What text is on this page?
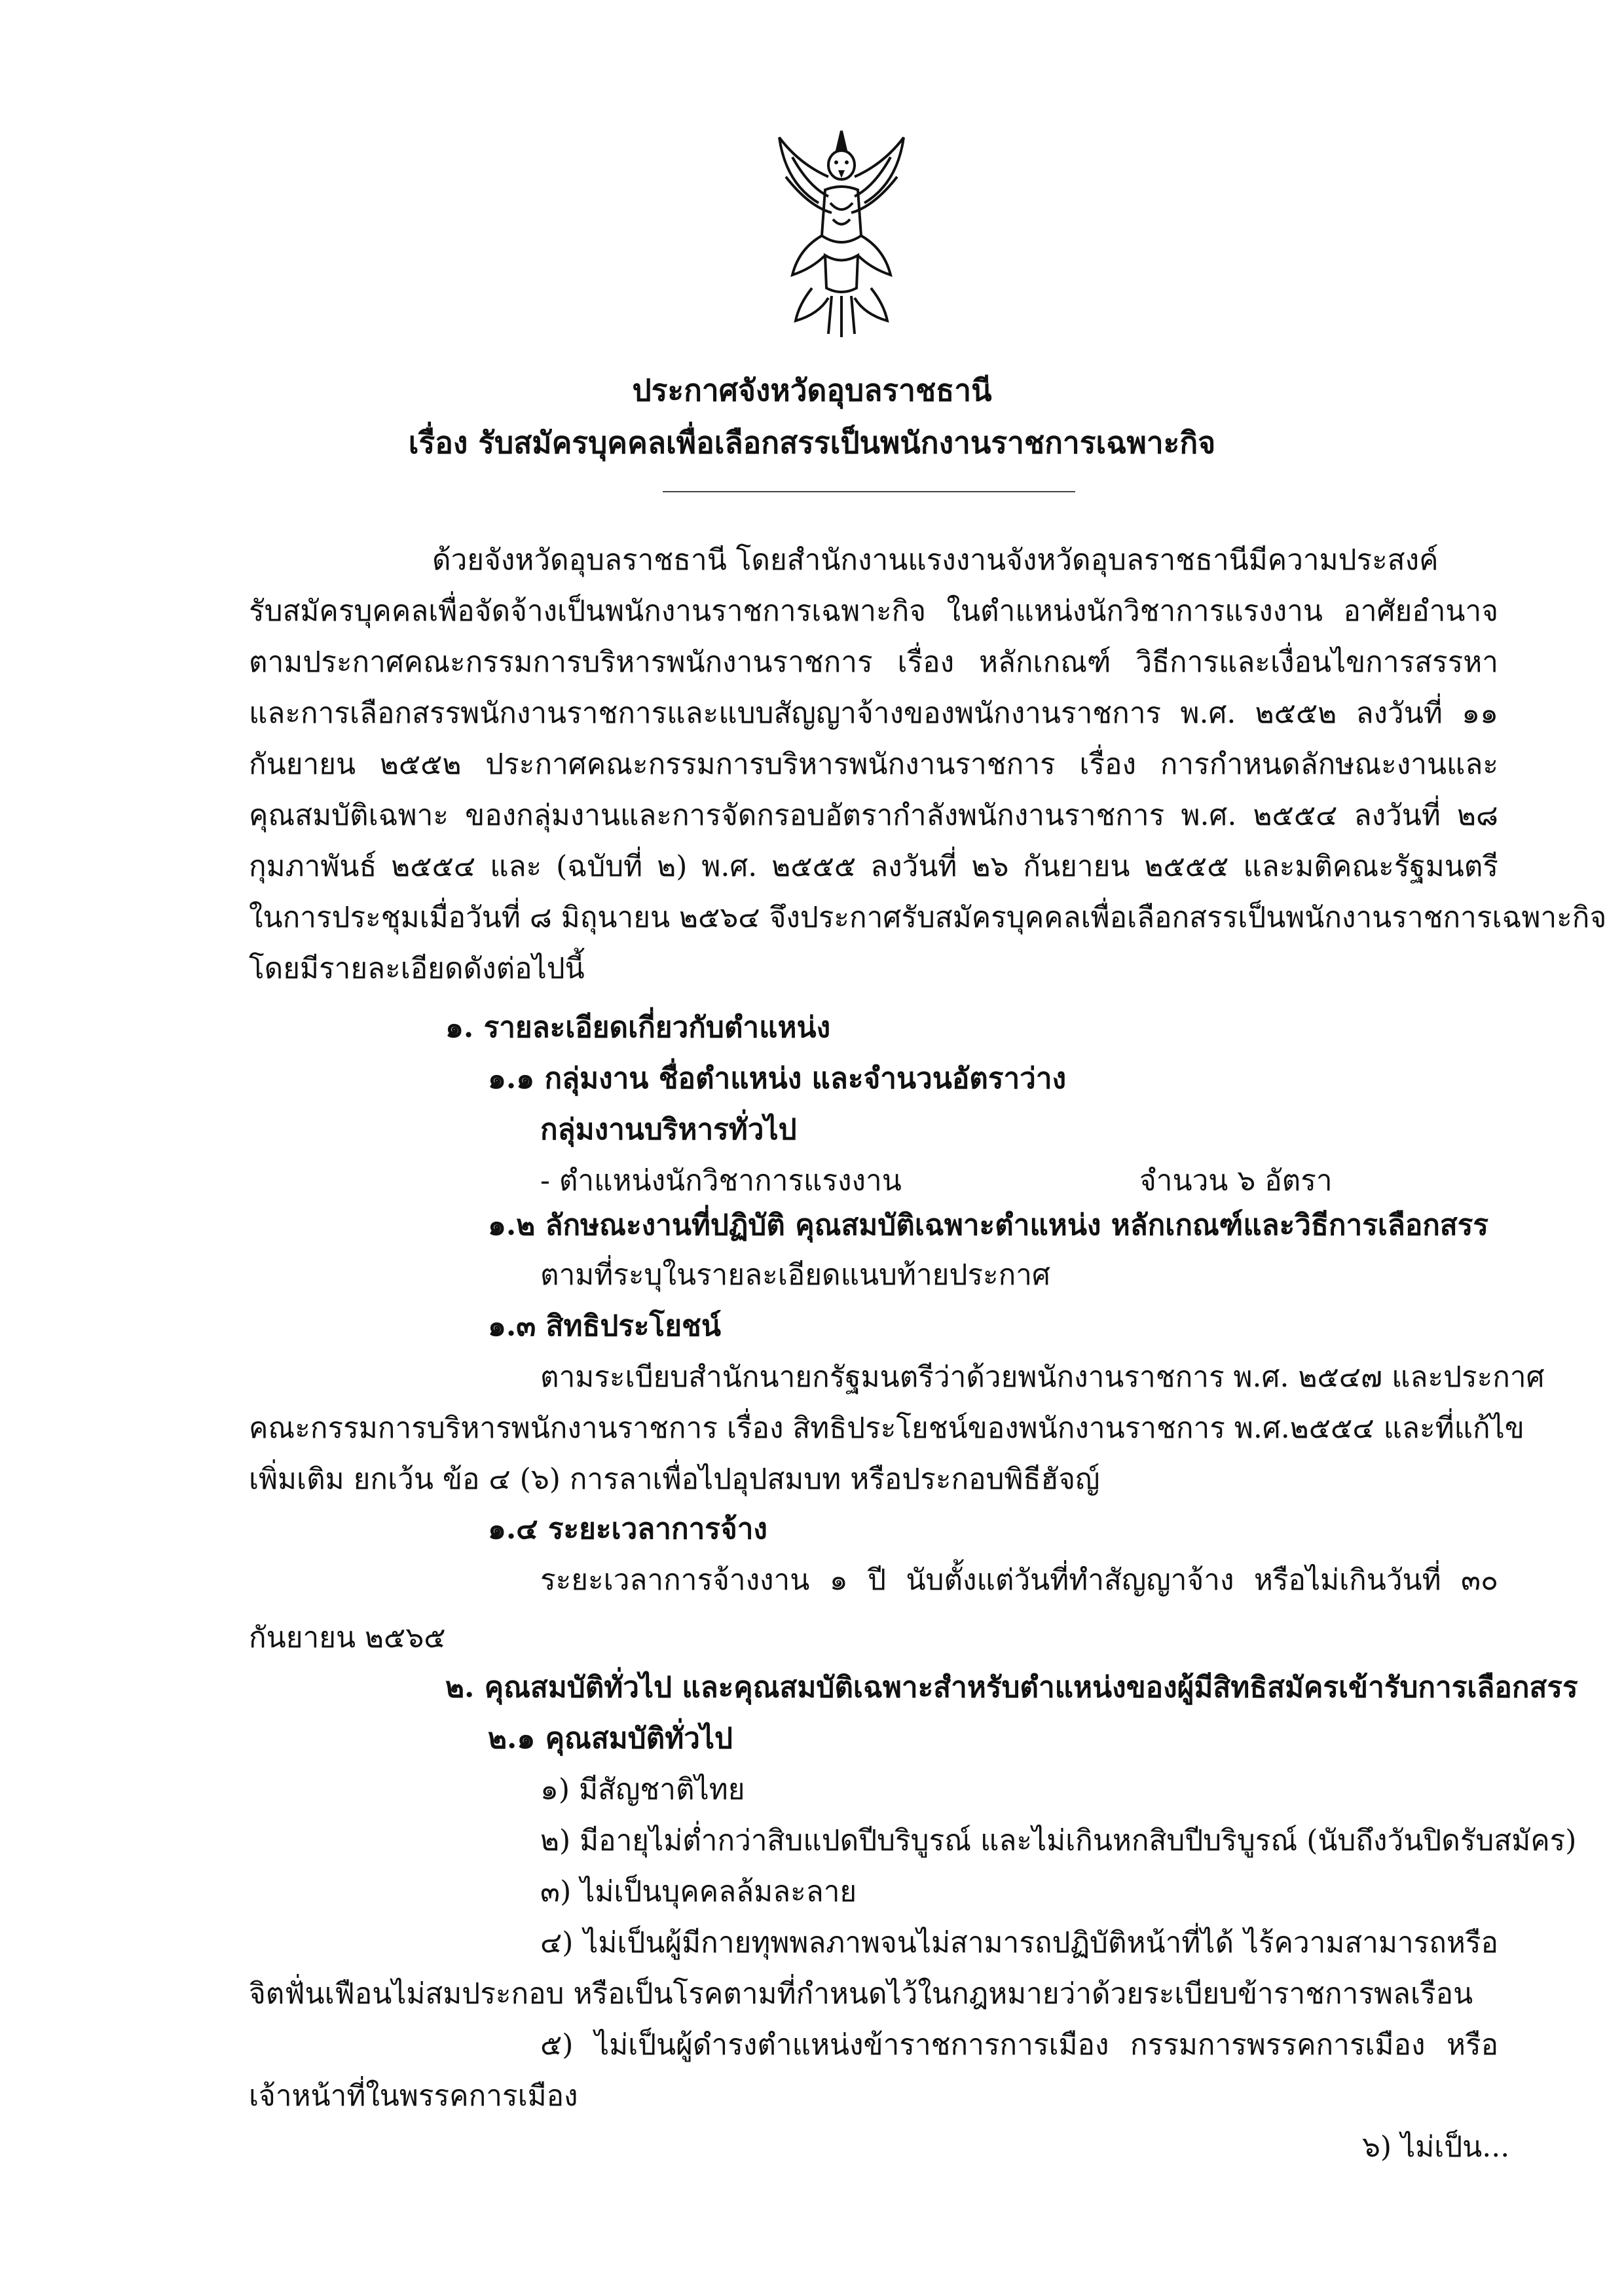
ประกาศจังหวัดอุบลราชธานี
เรื่อง รับสมัครบุคคลเพื่อเลือกสรรเป็นพนักงานราชการเฉพาะกิจ
ด้วยจังหวัดอุบลราชธานี โดยสำนักงานแรงงานจังหวัดอุบลราชธานีมีความประสงค์
รับสมัครบุคคลเพื่อจัดจ้างเป็นพนักงานราชการเฉพาะกิจ ในตำแหน่งนักวิชาการแรงงาน อาศัยอำนาจ
ตามประกาศคณะกรรมการบริหารพนักงานราชการ เรื่อง หลักเกณฑ์ วิธีการและเงื่อนไขการสรรหา
และการเลือกสรรพนักงานราชการและแบบสัญญาจ้างของพนักงานราชการ พ.ศ. ๒๕๕๒ ลงวันที่ ๑๑
กันยายน ๒๕๕๒ ประกาศคณะกรรมการบริหารพนักงานราชการ เรื่อง การกำหนดลักษณะงานและ
คุณสมบัติเฉพาะ ของกลุ่มงานและการจัดกรอบอัตรากำลังพนักงานราชการ พ.ศ. ๒๕๕๔ ลงวันที่ ๒๘
กุมภาพันธ์ ๒๕๕๔ และ (ฉบับที่ ๒) พ.ศ. ๒๕๕๕ ลงวันที่ ๒๖ กันยายน ๒๕๕๕ และมติคณะรัฐมนตรี
ในการประชุมเมื่อวันที่ ๘ มิถุนายน ๒๕๖๔ จึงประกาศรับสมัครบุคคลเพื่อเลือกสรรเป็นพนักงานราชการเฉพาะกิจ
โดยมีรายละเอียดดังต่อไปนี้
๑. รายละเอียดเกี่ยวกับตำแหน่ง
๑.๑ กลุ่มงาน ชื่อตำแหน่ง และจำนวนอัตราว่าง
กลุ่มงานบริหารทั่วไป
- ตำแหน่งนักวิชาการแรงงาน	จำนวน ๖ อัตรา
๑.๒ ลักษณะงานที่ปฏิบัติ คุณสมบัติเฉพาะตำแหน่ง หลักเกณฑ์และวิธีการเลือกสรร
ตามที่ระบุในรายละเอียดแนบท้ายประกาศ
๑.๓ สิทธิประโยชน์
ตามระเบียบสำนักนายกรัฐมนตรีว่าด้วยพนักงานราชการ พ.ศ. ๒๕๔๗ และประกาศ
คณะกรรมการบริหารพนักงานราชการ เรื่อง สิทธิประโยชน์ของพนักงานราชการ พ.ศ.๒๕๕๔ และที่แก้ไข
เพิ่มเติม ยกเว้น ข้อ ๔ (๖) การลาเพื่อไปอุปสมบท หรือประกอบพิธีฮัจญ์
๑.๔ ระยะเวลาการจ้าง
ระยะเวลาการจ้างงาน ๑ ปี นับตั้งแต่วันที่ทำสัญญาจ้าง หรือไม่เกินวันที่ ๓๐
กันยายน ๒๕๖๕
๒. คุณสมบัติทั่วไป และคุณสมบัติเฉพาะสำหรับตำแหน่งของผู้มีสิทธิสมัครเข้ารับการเลือกสรร
๒.๑ คุณสมบัติทั่วไป
๑) มีสัญชาติไทย
๒) มีอายุไม่ต่ำกว่าสิบแปดปีบริบูรณ์ และไม่เกินหกสิบปีบริบูรณ์ (นับถึงวันปิดรับสมัคร)
๓) ไม่เป็นบุคคลล้มละลาย
๔) ไม่เป็นผู้มีกายทุพพลภาพจนไม่สามารถปฏิบัติหน้าที่ได้ ไร้ความสามารถหรือ
จิตฟั่นเฟือนไม่สมประกอบ หรือเป็นโรคตามที่กำหนดไว้ในกฎหมายว่าด้วยระเบียบข้าราชการพลเรือน
๕) ไม่เป็นผู้ดำรงตำแหน่งข้าราชการการเมือง กรรมการพรรคการเมือง หรือ
เจ้าหน้าที่ในพรรคการเมือง
๖) ไม่เป็น...
